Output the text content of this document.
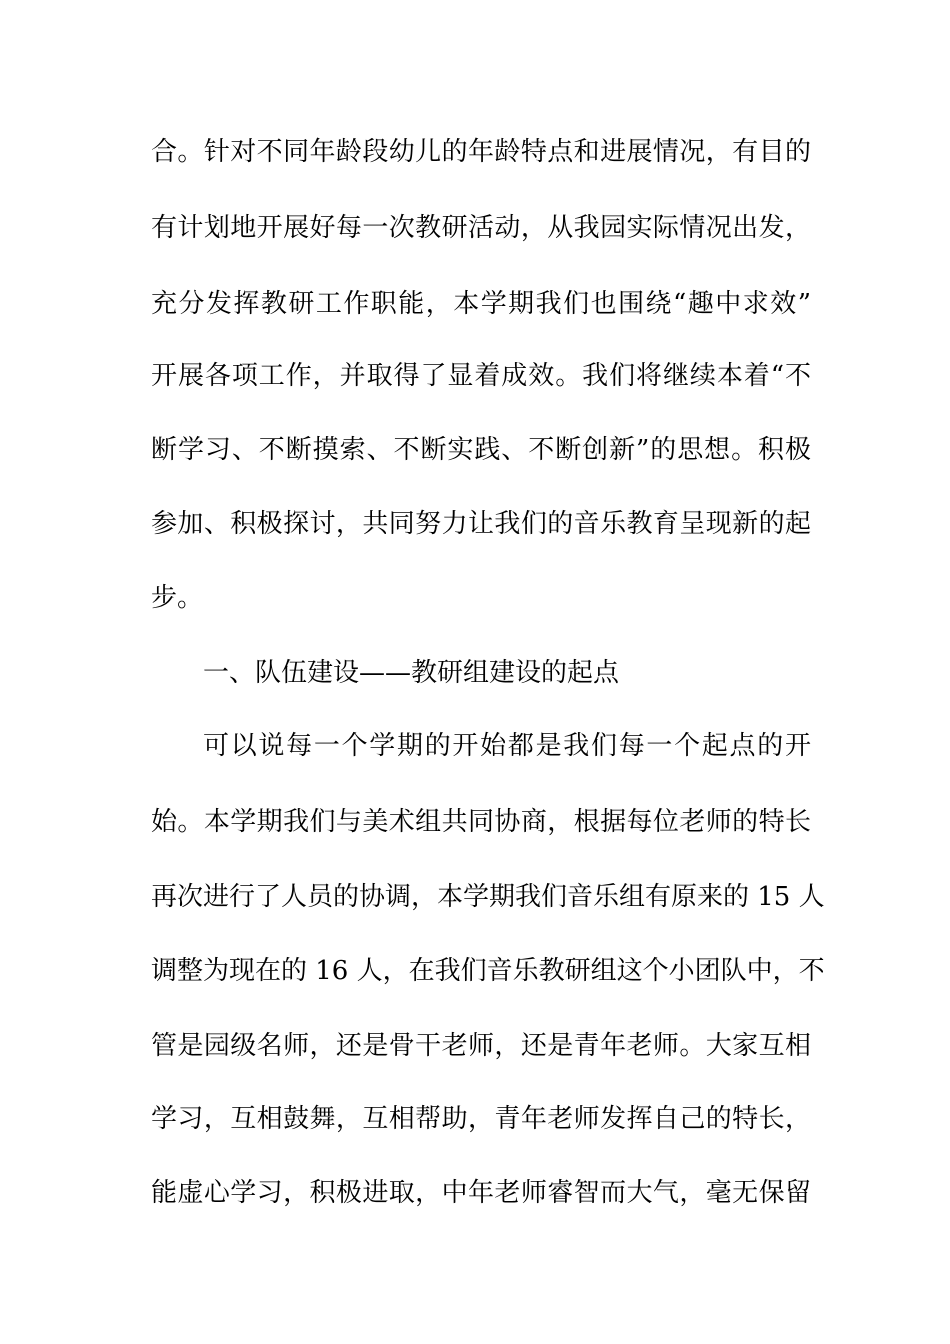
合。针对不同年龄段幼儿的年龄特点和进展情况，有目的
有计划地开展好每一次教研活动，从我园实际情况出发，
充分发挥教研工作职能，本学期我们也围绕“趣中求效”
开展各项工作，并取得了显着成效。我们将继续本着“不
断学习、不断摸索、不断实践、不断创新”的思想。积极
参加、积极探讨，共同努力让我们的音乐教育呈现新的起
步。
一、队伍建设——教研组建设的起点
可以说每一个学期的开始都是我们每一个起点的开
始。本学期我们与美术组共同协商，根据每位老师的特长
再次进行了人员的协调，本学期我们音乐组有原来的 15 人
调整为现在的 16 人，在我们音乐教研组这个小团队中，不
管是园级名师，还是骨干老师，还是青年老师。大家互相
学习，互相鼓舞，互相帮助，青年老师发挥自己的特长，
能虚心学习，积极进取，中年老师睿智而大气，毫无保留
